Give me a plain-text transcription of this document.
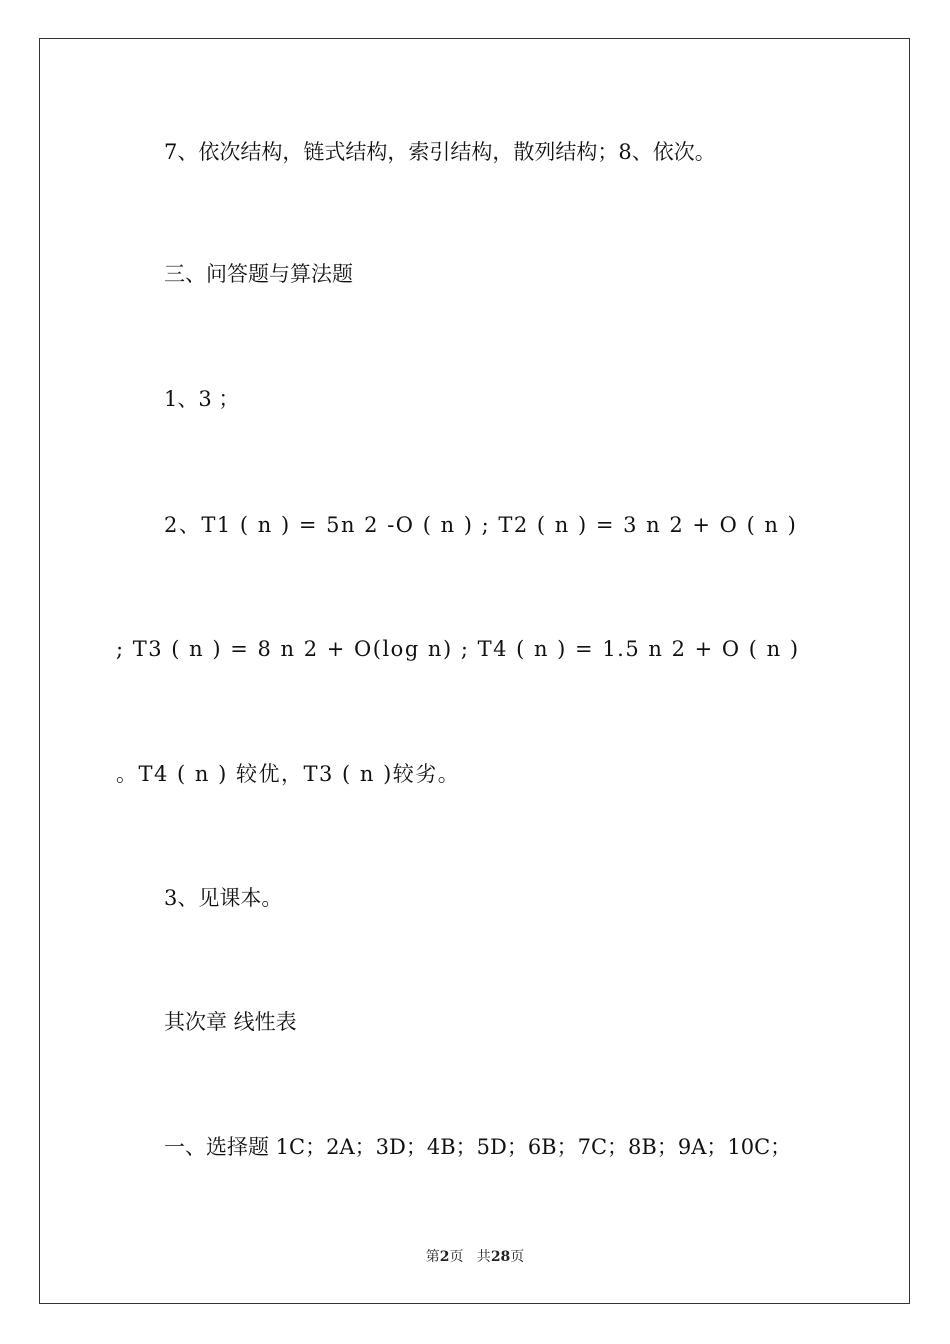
7、依次结构，链式结构，索引结构，散列结构；8、依次。
三、问答题与算法题
1、3 ；
2、T1 ( n ) = 5n 2 -O ( n ) ; T2 ( n ) = 3 n 2 + O ( n )
; T3 ( n ) = 8 n 2 + O(log n) ; T4 ( n ) = 1.5 n 2 + O ( n )
。T4 ( n ) 较优，T3 ( n )较劣。
3、见课本。
其次章 线性表
一、选择题 1C；2A；3D；4B；5D；6B；7C；8B；9A；10C；
第2页   共28页
